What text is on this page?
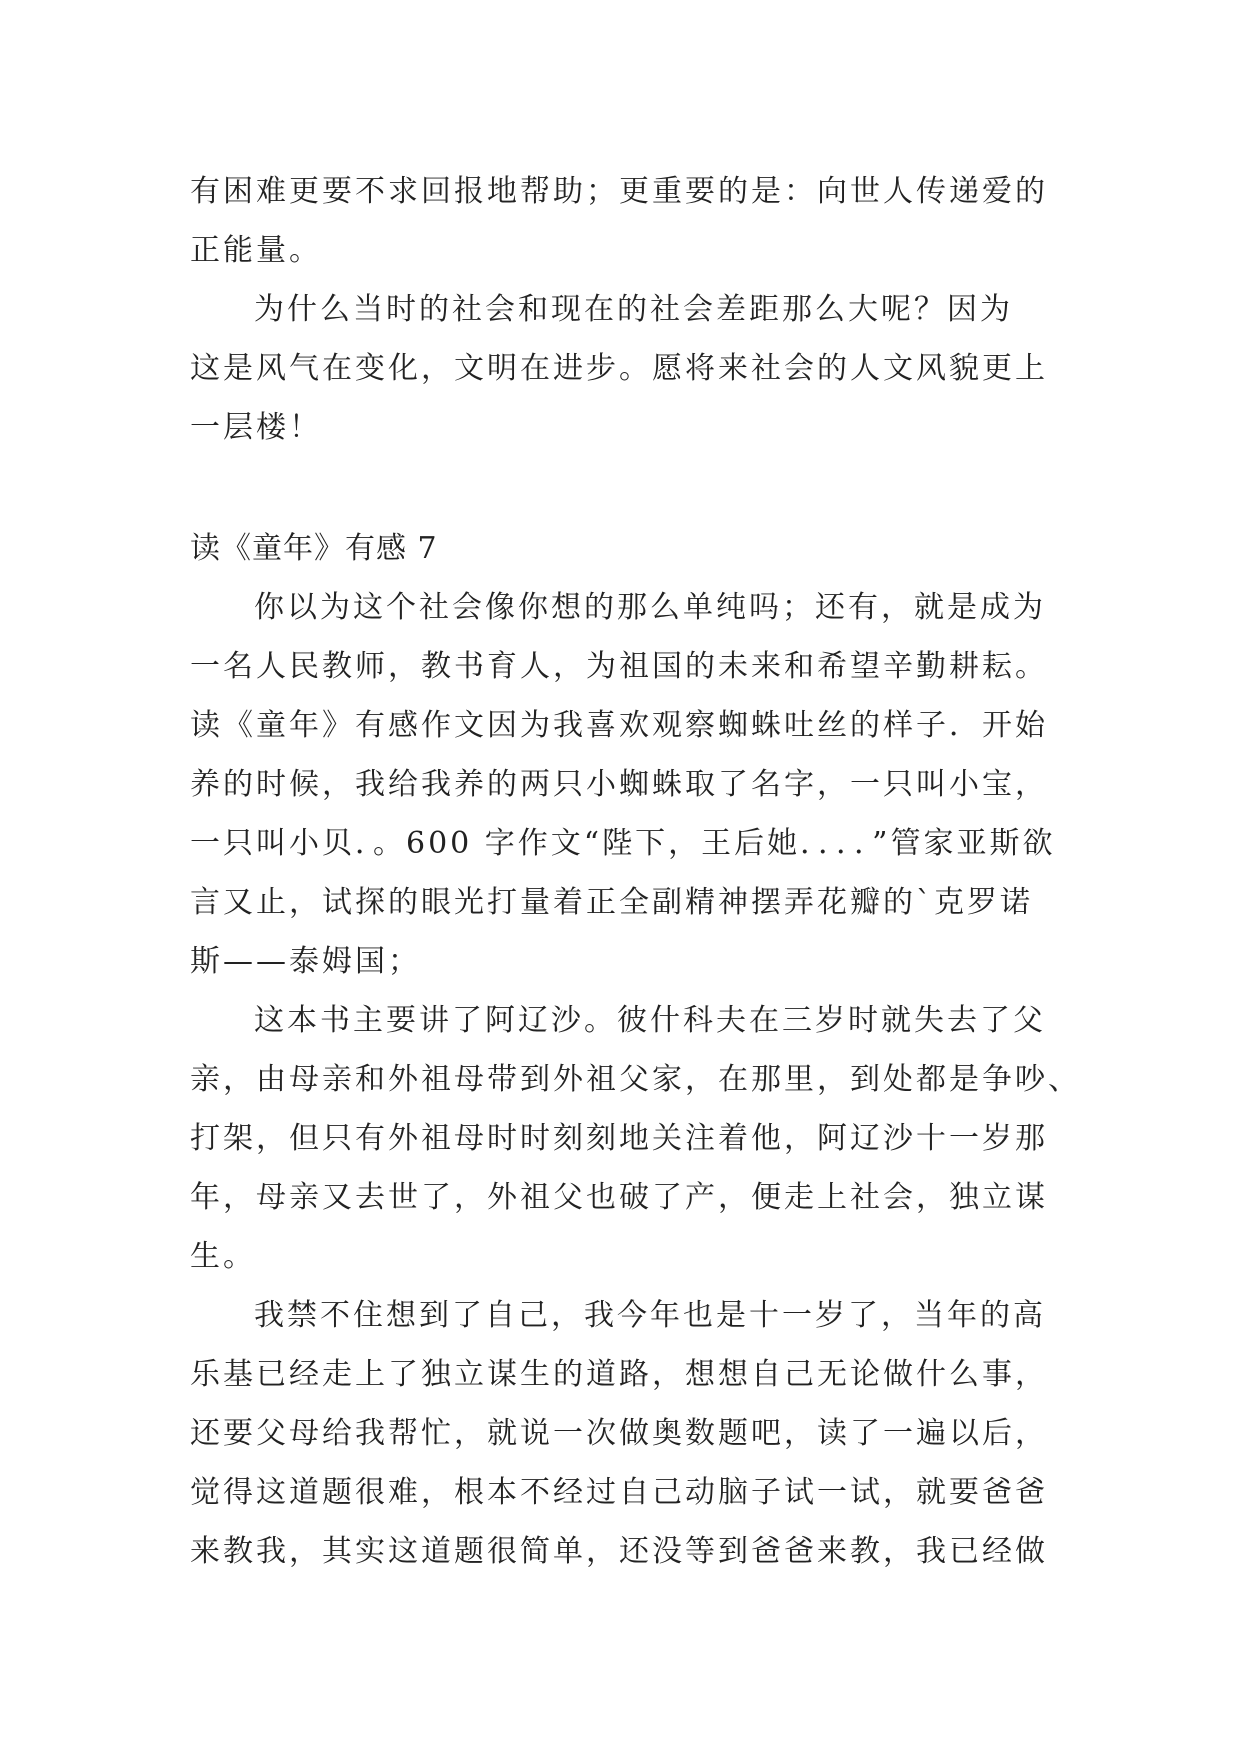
有困难更要不求回报地帮助；更重要的是：向世人传递爱的
正能量。
为什么当时的社会和现在的社会差距那么大呢？因为
这是风气在变化，文明在进步。愿将来社会的人文风貌更上
一层楼！
读《童年》有感 7
你以为这个社会像你想的那么单纯吗；还有，就是成为
一名人民教师，教书育人，为祖国的未来和希望辛勤耕耘。
读《童年》有感作文因为我喜欢观察蜘蛛吐丝的样子．开始
养的时候，我给我养的两只小蜘蛛取了名字，一只叫小宝，
一只叫小贝．。600 字作文“陛下，王后她．．．．”管家亚斯欲
言又止，试探的眼光打量着正全副精神摆弄花瓣的`克罗诺
斯——泰姆国；
这本书主要讲了阿辽沙。彼什科夫在三岁时就失去了父
亲，由母亲和外祖母带到外祖父家，在那里，到处都是争吵、
打架，但只有外祖母时时刻刻地关注着他，阿辽沙十一岁那
年，母亲又去世了，外祖父也破了产，便走上社会，独立谋
生。
我禁不住想到了自己，我今年也是十一岁了，当年的高
乐基已经走上了独立谋生的道路，想想自己无论做什么事，
还要父母给我帮忙，就说一次做奥数题吧，读了一遍以后，
觉得这道题很难，根本不经过自己动脑子试一试，就要爸爸
来教我，其实这道题很简单，还没等到爸爸来教，我已经做
